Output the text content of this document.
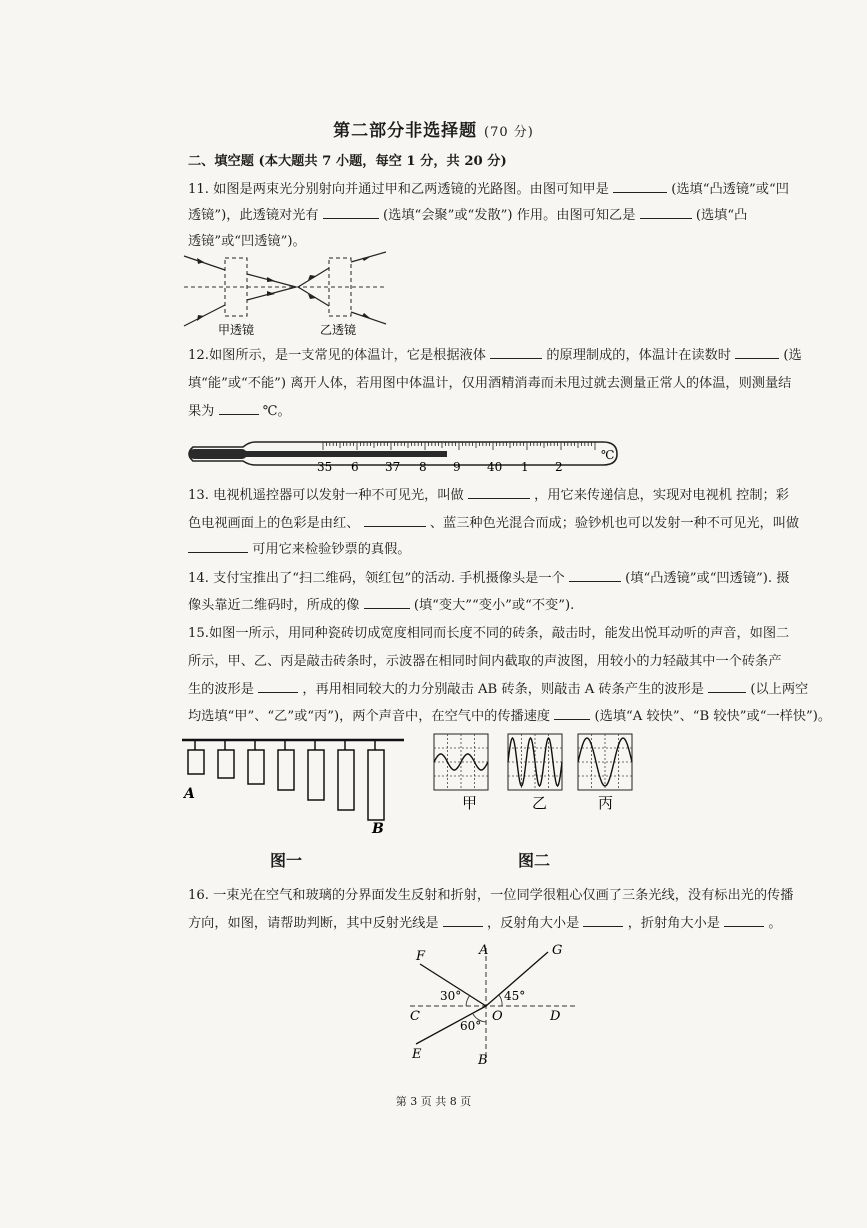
第二部分非选择题 (70 分)
二、填空题 (本大题共 7 小题，每空 1 分，共 20 分)
11. 如图是两束光分别射向并通过甲和乙两透镜的光路图。由图可知甲是	(选填“凸透镜”或“凹
透镜”)，此透镜对光有	(选填“会聚”或“发散”) 作用。由图可知乙是	(选填“凸
透镜”或“凹透镜”)。
甲透镜	乙透镜
12.如图所示，是一支常见的体温计，它是根据液体	的原理制成的，体温计在读数时	(选
填“能”或“不能”) 离开人体，若用图中体温计，仅用酒精消毒而未甩过就去测量正常人的体温，则测量结
果为	℃。
35 6 37 8 9 40 1 2
℃
13. 电视机遥控器可以发射一种不可见光，叫做	，用它来传递信息，实现对电视机 控制；彩
色电视画面上的色彩是由红、	、蓝三种色光混合而成；验钞机也可以发射一种不可见光，叫做
可用它来检验钞票的真假。
14. 支付宝推出了“扫二维码，领红包”的活动. 手机摄像头是一个	(填“凸透镜”或“凹透镜”). 摄
像头靠近二维码时，所成的像	(填“变大”“变小”或“不变”).
15.如图一所示，用同种瓷砖切成宽度相同而长度不同的砖条，敲击时，能发出悦耳动听的声音，如图二
所示，甲、乙、丙是敲击砖条时，示波器在相同时间内截取的声波图，用较小的力轻敲其中一个砖条产
生的波形是	，再用相同较大的力分别敲击 AB 砖条，则敲击 A 砖条产生的波形是	(以上两空
均选填“甲”、“乙”或“丙”)，两个声音中，在空气中的传播速度	(选填“A 较快”、“B 较快”或“一样快”)。
A
B
甲	乙	丙
图一	图二
16. 一束光在空气和玻璃的分界面发生反射和折射，一位同学很粗心仅画了三条光线，没有标出光的传播
方向，如图，请帮助判断，其中反射光线是	，反射角大小是	，折射角大小是	。
F	A	G
C	O	D
E	B
30°	45°
60°
第 3 页 共 8 页
